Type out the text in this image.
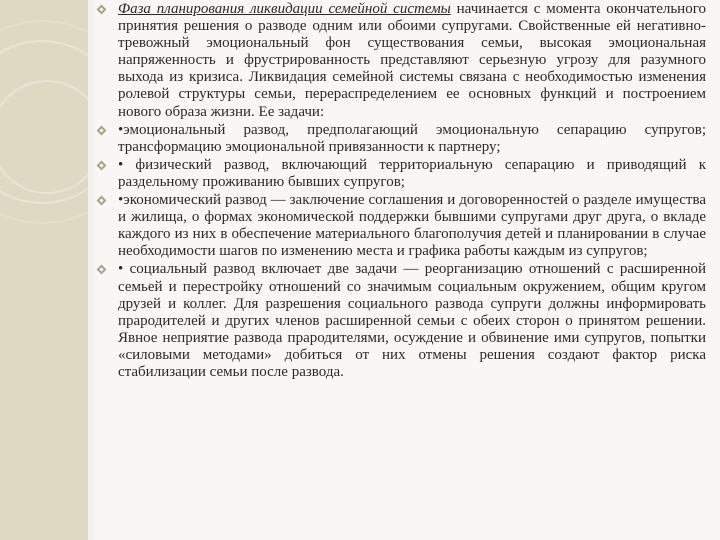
Фаза планирования ликвидации семейной системы начинается с момента окончательного принятия решения о разводе одним или обоими супругами. Свойственные ей негативно-тревожный эмоциональный фон существования семьи, высокая эмоциональная напряженность и фрустрированность представляют серьезную угрозу для разумного выхода из кризиса. Ликвидация семейной системы связана с необходимостью изменения ролевой структуры семьи, перераспределением ее основных функций и построением нового образа жизни. Ее задачи:
•эмоциональный развод, предполагающий эмоциональную сепарацию супругов; трансформацию эмоциональной привязанности к партнеру;
• физический развод, включающий территориальную сепарацию и приводящий к раздельному проживанию бывших супругов;
•экономический развод — заключение соглашения и договоренностей о разделе имущества и жилища, о формах экономической поддержки бывшими супругами друг друга, о вкладе каждого из них в обеспечение материального благополучия детей и планировании в случае необходимости шагов по изменению места и графика работы каждым из супругов;
• социальный развод включает две задачи — реорганизацию отношений с расширенной семьей и перестройку отношений со значимым социальным окружением, общим кругом друзей и коллег. Для разрешения социального развода супруги должны информировать прародителей и других членов расширенной семьи с обеих сторон о принятом решении. Явное неприятие развода прародителями, осуждение и обвинение ими супругов, попытки «силовыми методами» добиться от них отмены решения создают фактор риска стабилизации семьи после развода.
